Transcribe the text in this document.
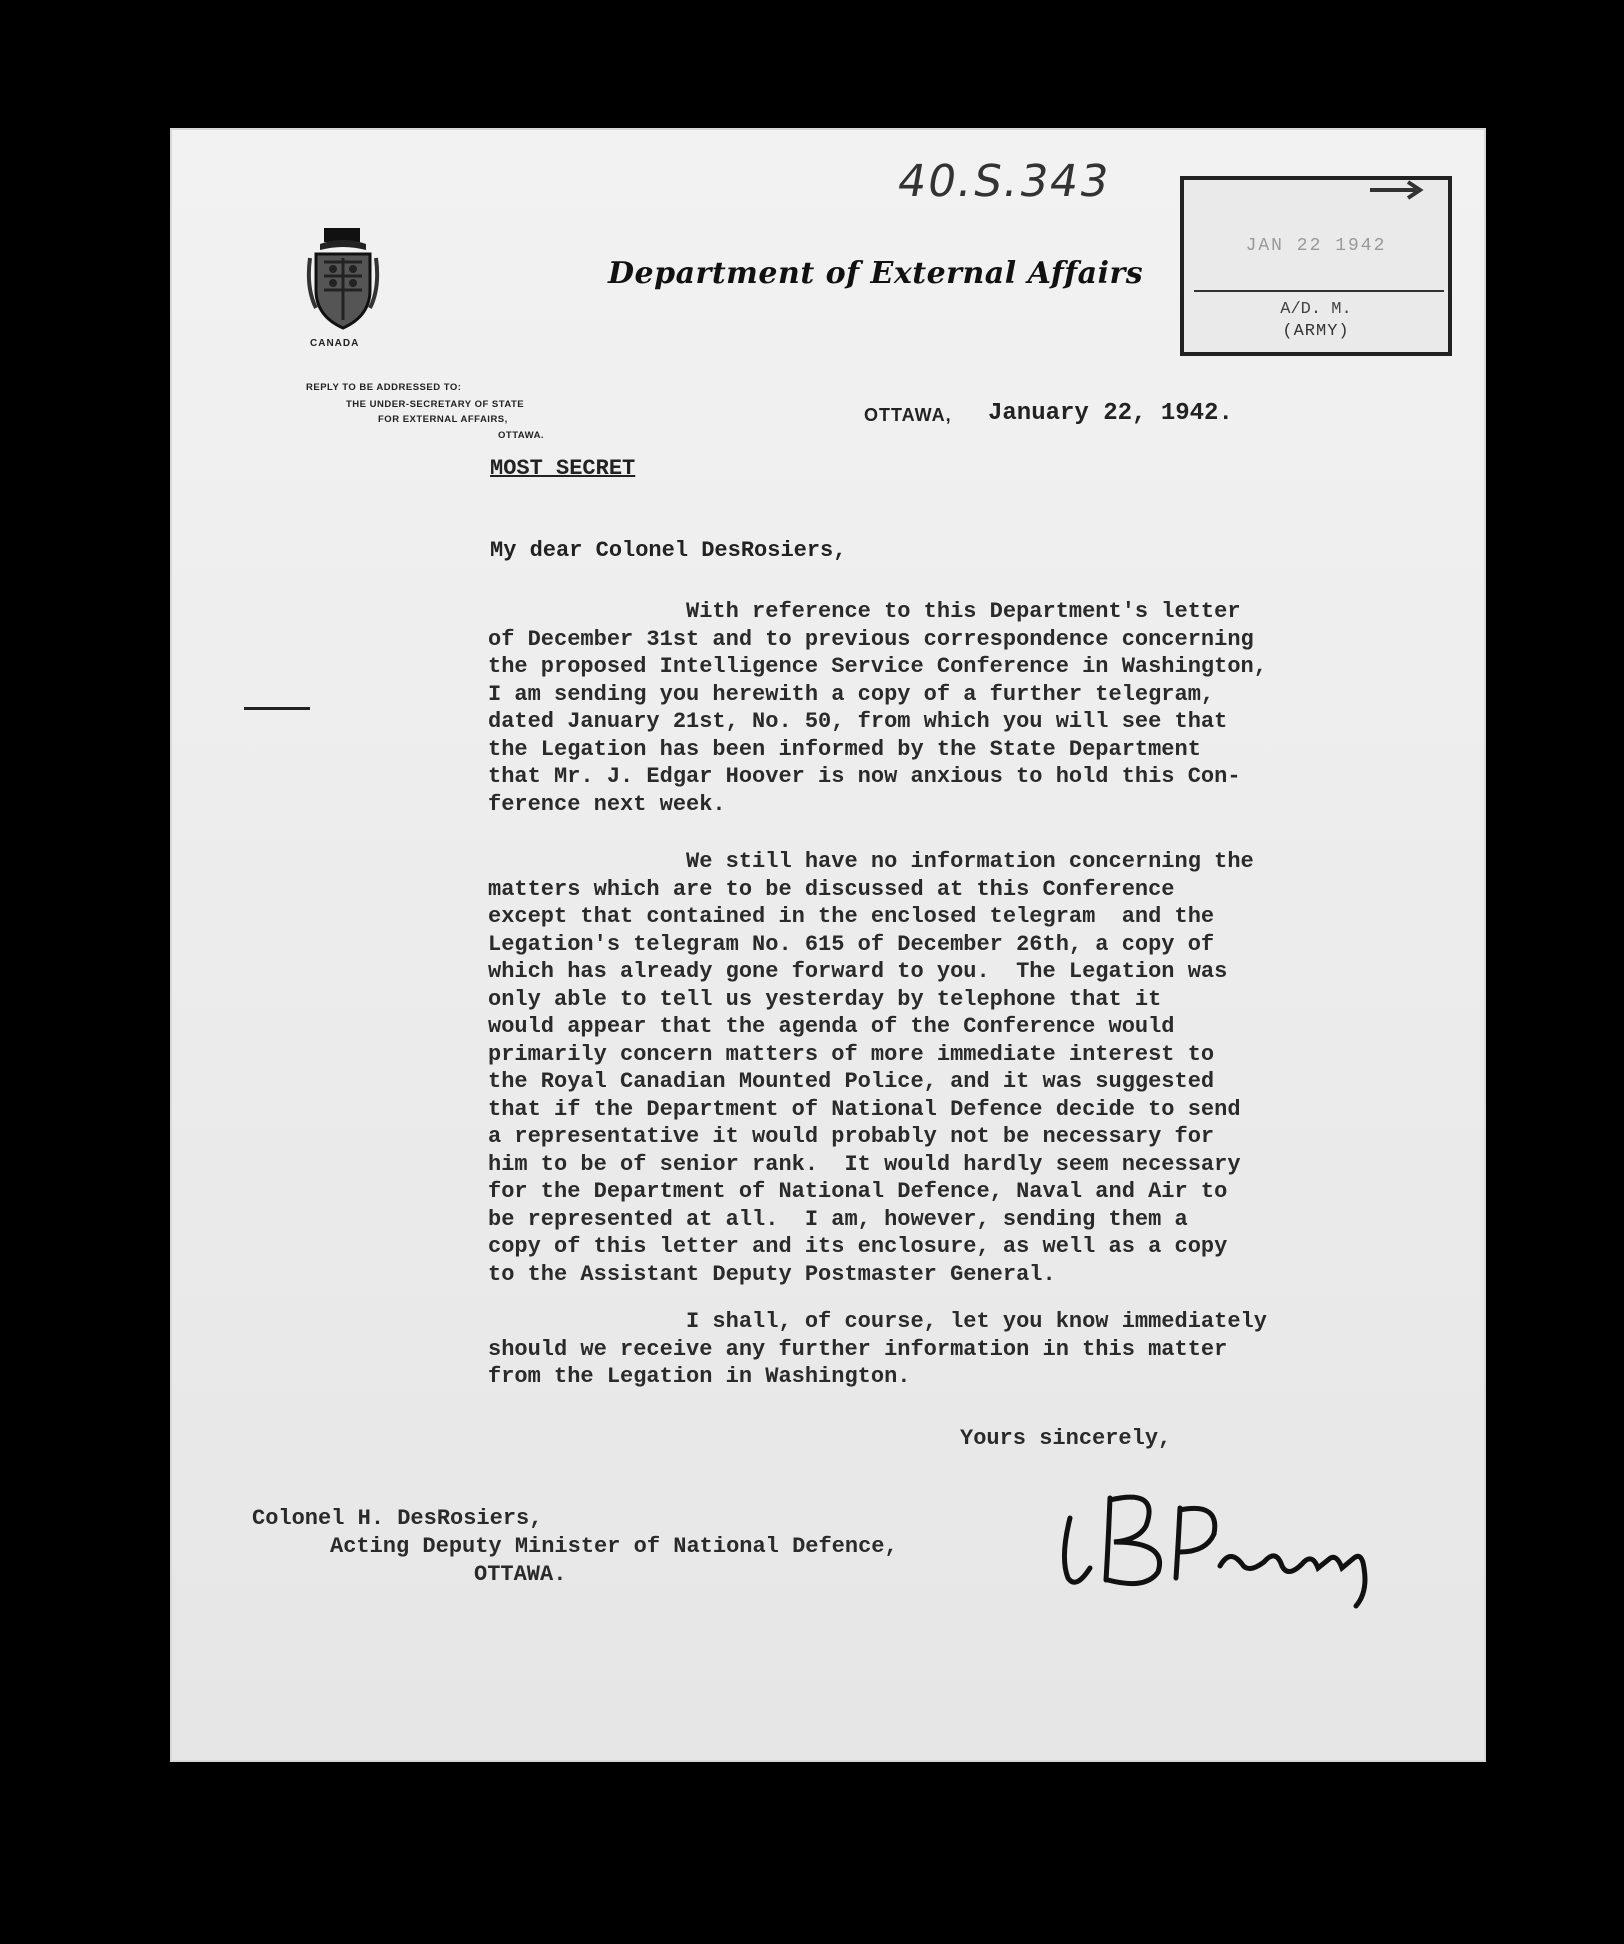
CANADA
Department of External Affairs
40.S.343
JAN 22 1942
A/D. M.
(ARMY)
REPLY TO BE ADDRESSED TO:
THE UNDER-SECRETARY OF STATE
FOR EXTERNAL AFFAIRS,
OTTAWA.
OTTAWA, January 22, 1942.
MOST SECRET
My dear Colonel DesRosiers,
With reference to this Department's letter
of December 31st and to previous correspondence concerning
the proposed Intelligence Service Conference in Washington,
I am sending you herewith a copy of a further telegram,
dated January 21st, No. 50, from which you will see that
the Legation has been informed by the State Department
that Mr. J. Edgar Hoover is now anxious to hold this Con-
ference next week.
We still have no information concerning the
matters which are to be discussed at this Conference
except that contained in the enclosed telegram  and the
Legation's telegram No. 615 of December 26th, a copy of
which has already gone forward to you.  The Legation was
only able to tell us yesterday by telephone that it
would appear that the agenda of the Conference would
primarily concern matters of more immediate interest to
the Royal Canadian Mounted Police, and it was suggested
that if the Department of National Defence decide to send
a representative it would probably not be necessary for
him to be of senior rank.  It would hardly seem necessary
for the Department of National Defence, Naval and Air to
be represented at all.  I am, however, sending them a
copy of this letter and its enclosure, as well as a copy
to the Assistant Deputy Postmaster General.
I shall, of course, let you know immediately
should we receive any further information in this matter
from the Legation in Washington.
Yours sincerely,
Colonel H. DesRosiers,
Acting Deputy Minister of National Defence,
OTTAWA.
